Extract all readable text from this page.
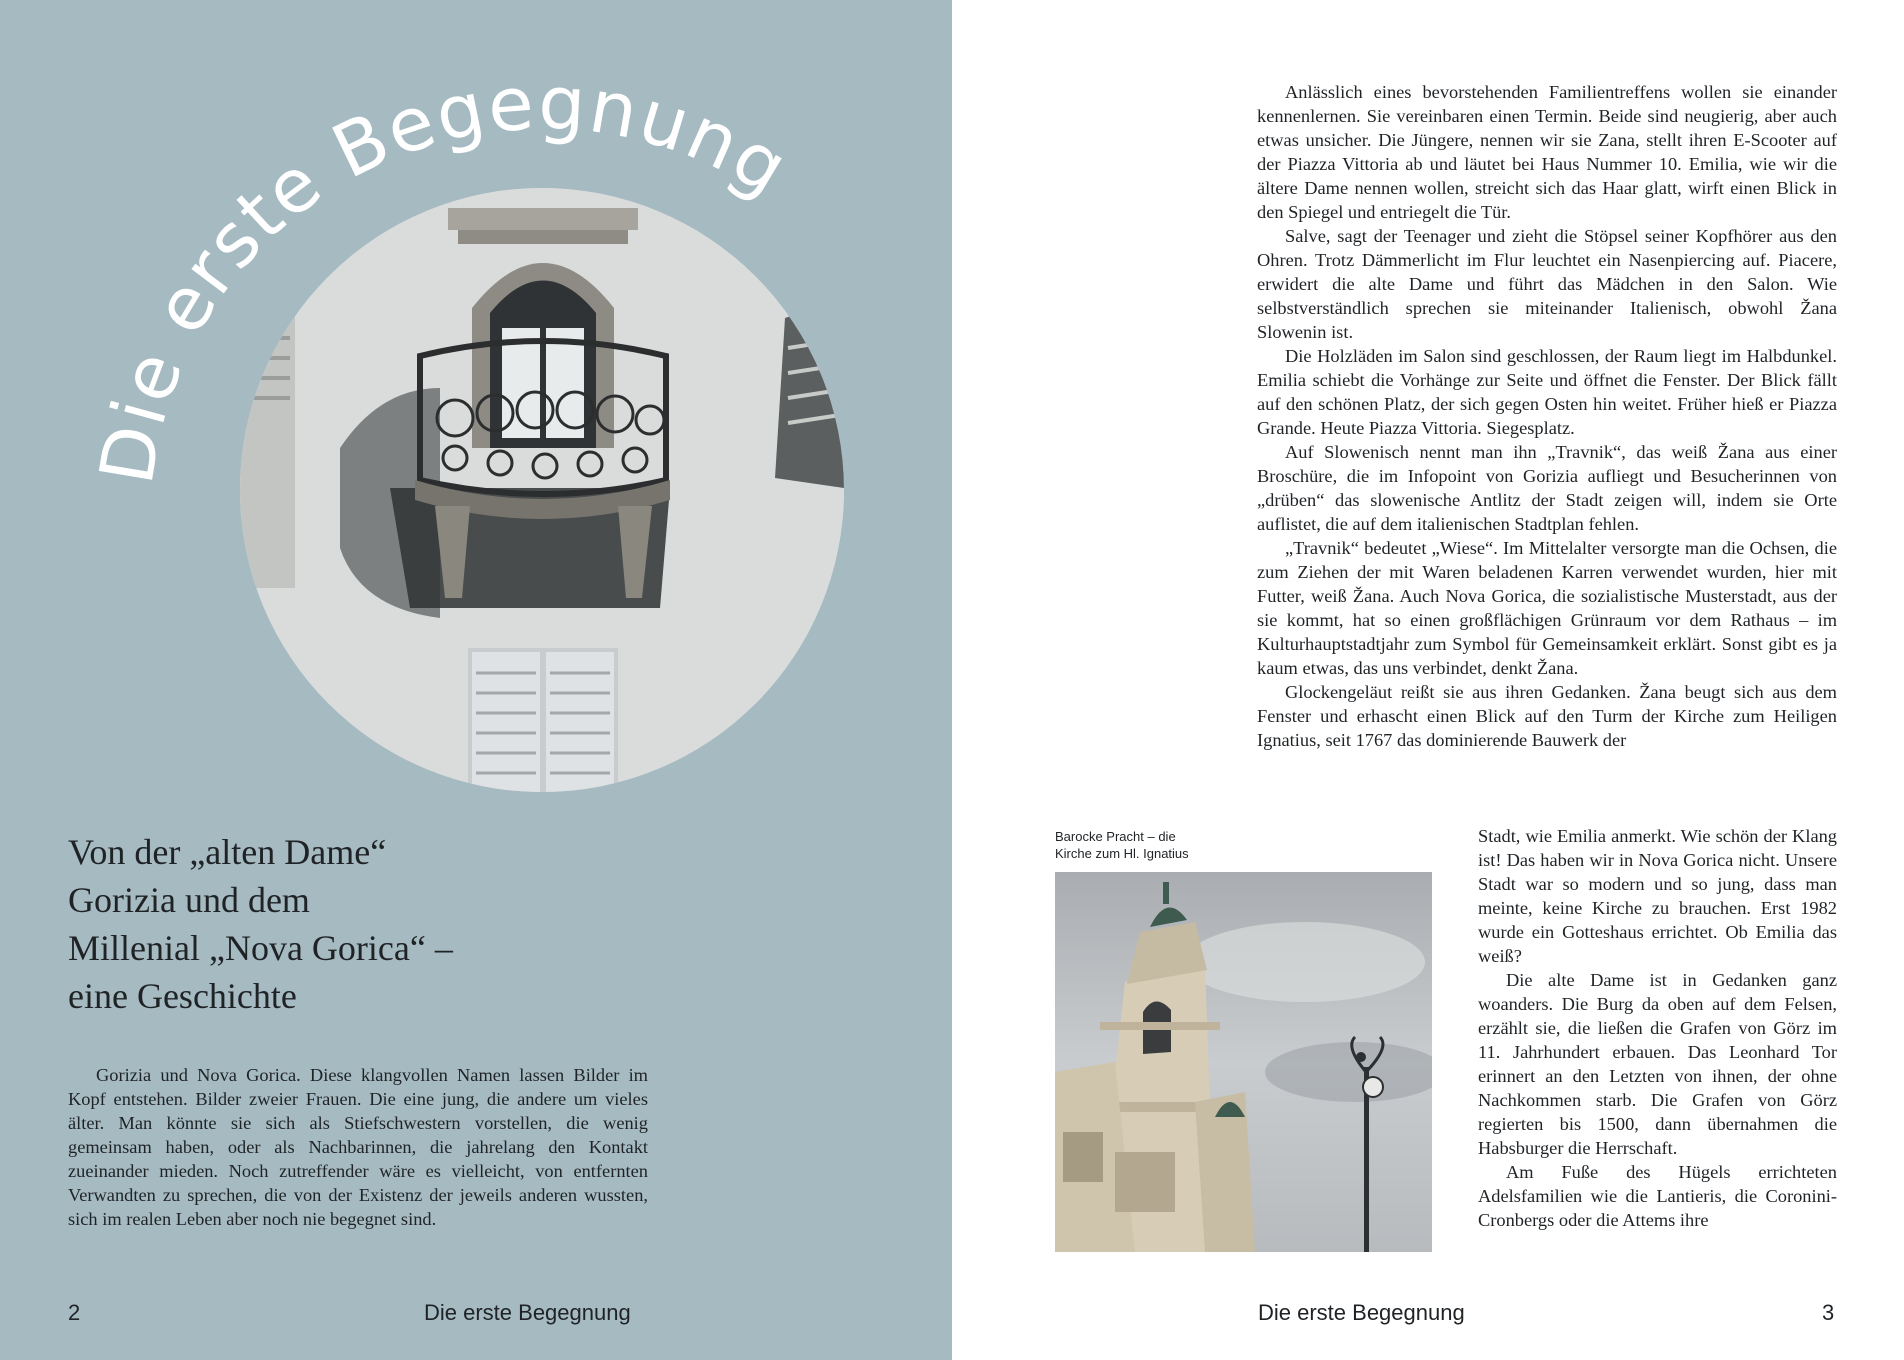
Die erste Begegnung
Von der „alten Dame“
Gorizia und dem
Millenial „Nova Gorica“ –
eine Geschichte

Gorizia und Nova Gorica. Diese klangvollen Namen lassen Bilder im Kopf entstehen. Bilder zweier Frauen. Die eine jung, die andere um vieles älter. Man könnte sie sich als Stiefschwestern vorstellen, die wenig gemeinsam haben, oder als Nachbarinnen, die jahrelang den Kontakt zueinander mieden. Noch zutreffender wäre es vielleicht, von entfernten Verwandten zu sprechen, die von der Existenz der jeweils anderen wussten, sich im realen Leben aber noch nie begegnet sind.

2	Die erste Begegnung

Anlässlich eines bevorstehenden Familientreffens wollen sie einander kennenlernen. Sie vereinbaren einen Termin. Beide sind neugierig, aber auch etwas unsicher. Die Jüngere, nennen wir sie Zana, stellt ihren E-Scooter auf der Piazza Vittoria ab und läutet bei Haus Nummer 10. Emilia, wie wir die ältere Dame nennen wollen, streicht sich das Haar glatt, wirft einen Blick in den Spiegel und entriegelt die Tür.

Salve, sagt der Teenager und zieht die Stöpsel seiner Kopfhörer aus den Ohren. Trotz Dämmerlicht im Flur leuchtet ein Nasenpiercing auf. Piacere, erwidert die alte Dame und führt das Mädchen in den Salon. Wie selbstverständlich sprechen sie miteinander Italienisch, obwohl Žana Slowenin ist.

Die Holzläden im Salon sind geschlossen, der Raum liegt im Halbdunkel. Emilia schiebt die Vorhänge zur Seite und öffnet die Fenster. Der Blick fällt auf den schönen Platz, der sich gegen Osten hin weitet. Früher hieß er Piazza Grande. Heute Piazza Vittoria. Siegesplatz.

Auf Slowenisch nennt man ihn „Travnik“, das weiß Žana aus einer Broschüre, die im Infopoint von Gorizia aufliegt und Besucherinnen von „drüben“ das slowenische Antlitz der Stadt zeigen will, indem sie Orte auflistet, die auf dem italienischen Stadtplan fehlen.

„Travnik“ bedeutet „Wiese“. Im Mittelalter versorgte man die Ochsen, die zum Ziehen der mit Waren beladenen Karren verwendet wurden, hier mit Futter, weiß Žana. Auch Nova Gorica, die sozialistische Musterstadt, aus der sie kommt, hat so einen großflächigen Grünraum vor dem Rathaus – im Kulturhauptstadtjahr zum Symbol für Gemeinsamkeit erklärt. Sonst gibt es ja kaum etwas, das uns verbindet, denkt Žana.

Glockengeläut reißt sie aus ihren Gedanken. Žana beugt sich aus dem Fenster und erhascht einen Blick auf den Turm der Kirche zum Heiligen Ignatius, seit 1767 das dominierende Bauwerk der

Barocke Pracht – die
Kirche zum Hl. Ignatius

Stadt, wie Emilia anmerkt. Wie schön der Klang ist! Das haben wir in Nova Gorica nicht. Unsere Stadt war so modern und so jung, dass man meinte, keine Kirche zu brauchen. Erst 1982 wurde ein Gotteshaus errichtet. Ob Emilia das weiß?

Die alte Dame ist in Gedanken ganz woanders. Die Burg da oben auf dem Felsen, erzählt sie, die ließen die Grafen von Görz im 11. Jahrhundert erbauen. Das Leonhard Tor erinnert an den Letzten von ihnen, der ohne Nachkommen starb. Die Grafen von Görz regierten bis 1500, dann übernahmen die Habsburger die Herrschaft.

Am Fuße des Hügels errichteten Adelsfamilien wie die Lantieris, die Coronini-Cronbergs oder die Attems ihre

Die erste Begegnung	3
